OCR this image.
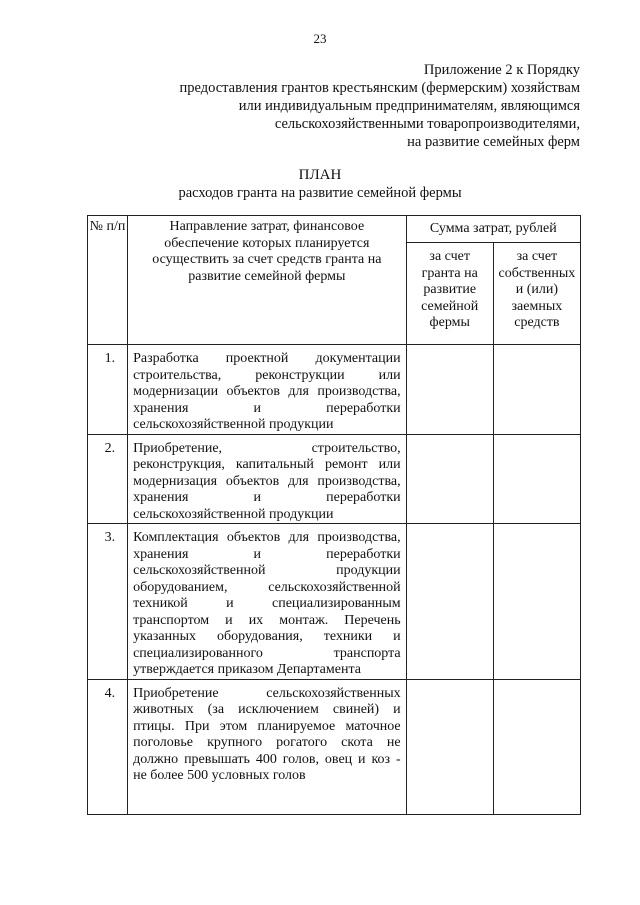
23
Приложение 2 к Порядку
предоставления грантов крестьянским (фермерским) хозяйствам
или индивидуальным предпринимателям, являющимся
сельскохозяйственными товаропроизводителями,
на развитие семейных ферм
ПЛАН
расходов гранта на развитие семейной фермы
№ п/п	Направление затрат, финансовое обеспечение которых планируется осуществить за счет средств гранта на развитие семейной фермы	Сумма затрат, рублей	
		за счет гранта на развитие семейной фермы	за счет собственных и (или) заемных средств
1.	Разработка проектной документации строительства, реконструкции или модернизации объектов для производства, хранения и переработки сельскохозяйственной продукции		
2.	Приобретение, строительство, реконструкция, капитальный ремонт или модернизация объектов для производства, хранения и переработки сельскохозяйственной продукции		
3.	Комплектация объектов для производства, хранения и переработки сельскохозяйственной продукции оборудованием, сельскохозяйственной техникой и специализированным транспортом и их монтаж. Перечень указанных оборудования, техники и специализированного транспорта утверждается приказом Департамента		
4.	Приобретение сельскохозяйственных животных (за исключением свиней) и птицы. При этом планируемое маточное поголовье крупного рогатого скота не должно превышать 400 голов, овец и коз - не более 500 условных голов		
